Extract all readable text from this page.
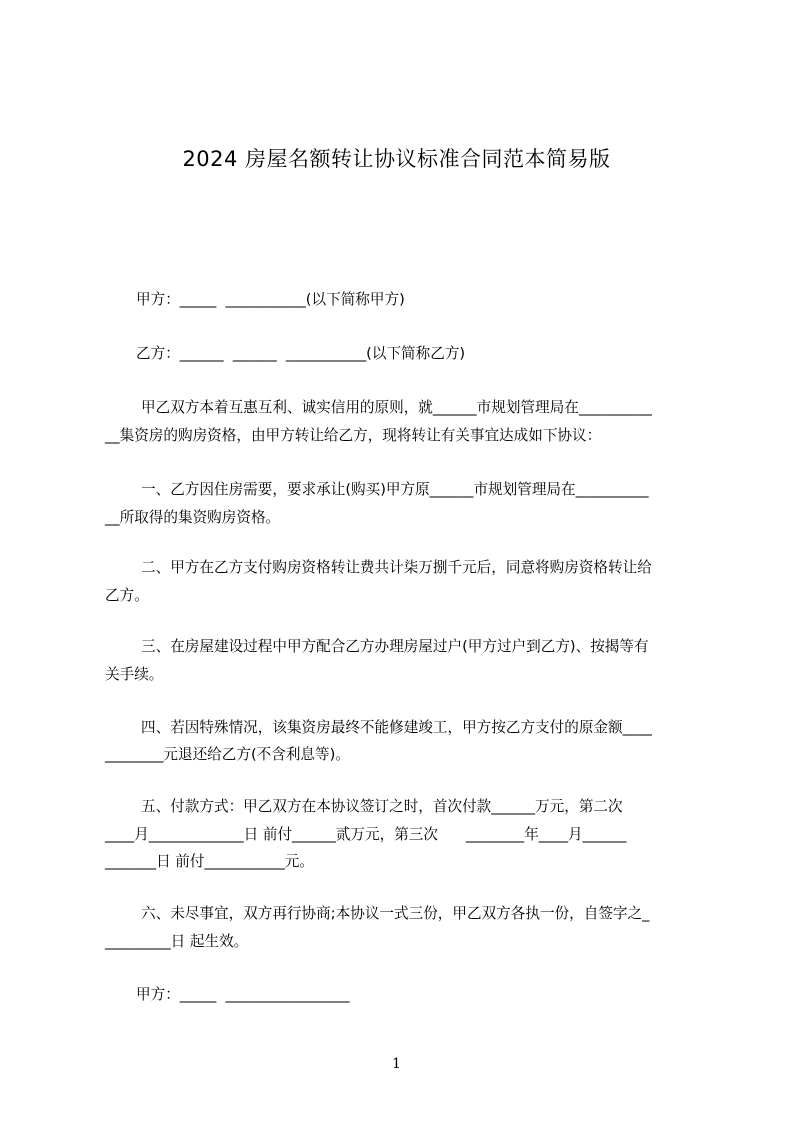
2024 房屋名额转让协议标准合同范本简易版
甲方：_____  ___________(以下简称甲方)
乙方：______  ______  ___________(以下简称乙方)
甲乙双方本着互惠互利、诚实信用的原则，就______市规划管理局在__________
__集资房的购房资格，由甲方转让给乙方，现将转让有关事宜达成如下协议：
一、乙方因住房需要，要求承让(购买)甲方原______市规划管理局在__________
__所取得的集资购房资格。
二、甲方在乙方支付购房资格转让费共计柒万捌千元后，同意将购房资格转让给
乙方。
三、在房屋建设过程中甲方配合乙方办理房屋过户(甲方过户到乙方)、按揭等有
关手续。
四、若因特殊情况，该集资房最终不能修建竣工，甲方按乙方支付的原金额____
________元退还给乙方(不含利息等)。
五、付款方式：甲乙双方在本协议签订之时，首次付款______万元，第二次
____月_____________日 前付______贰万元，第三次      ________年____月______
_______日 前付___________元。
六、未尽事宜，双方再行协商;本协议一式三份，甲乙双方各执一份，自签字之_
_________日 起生效。
甲方：_____  _________________
1
